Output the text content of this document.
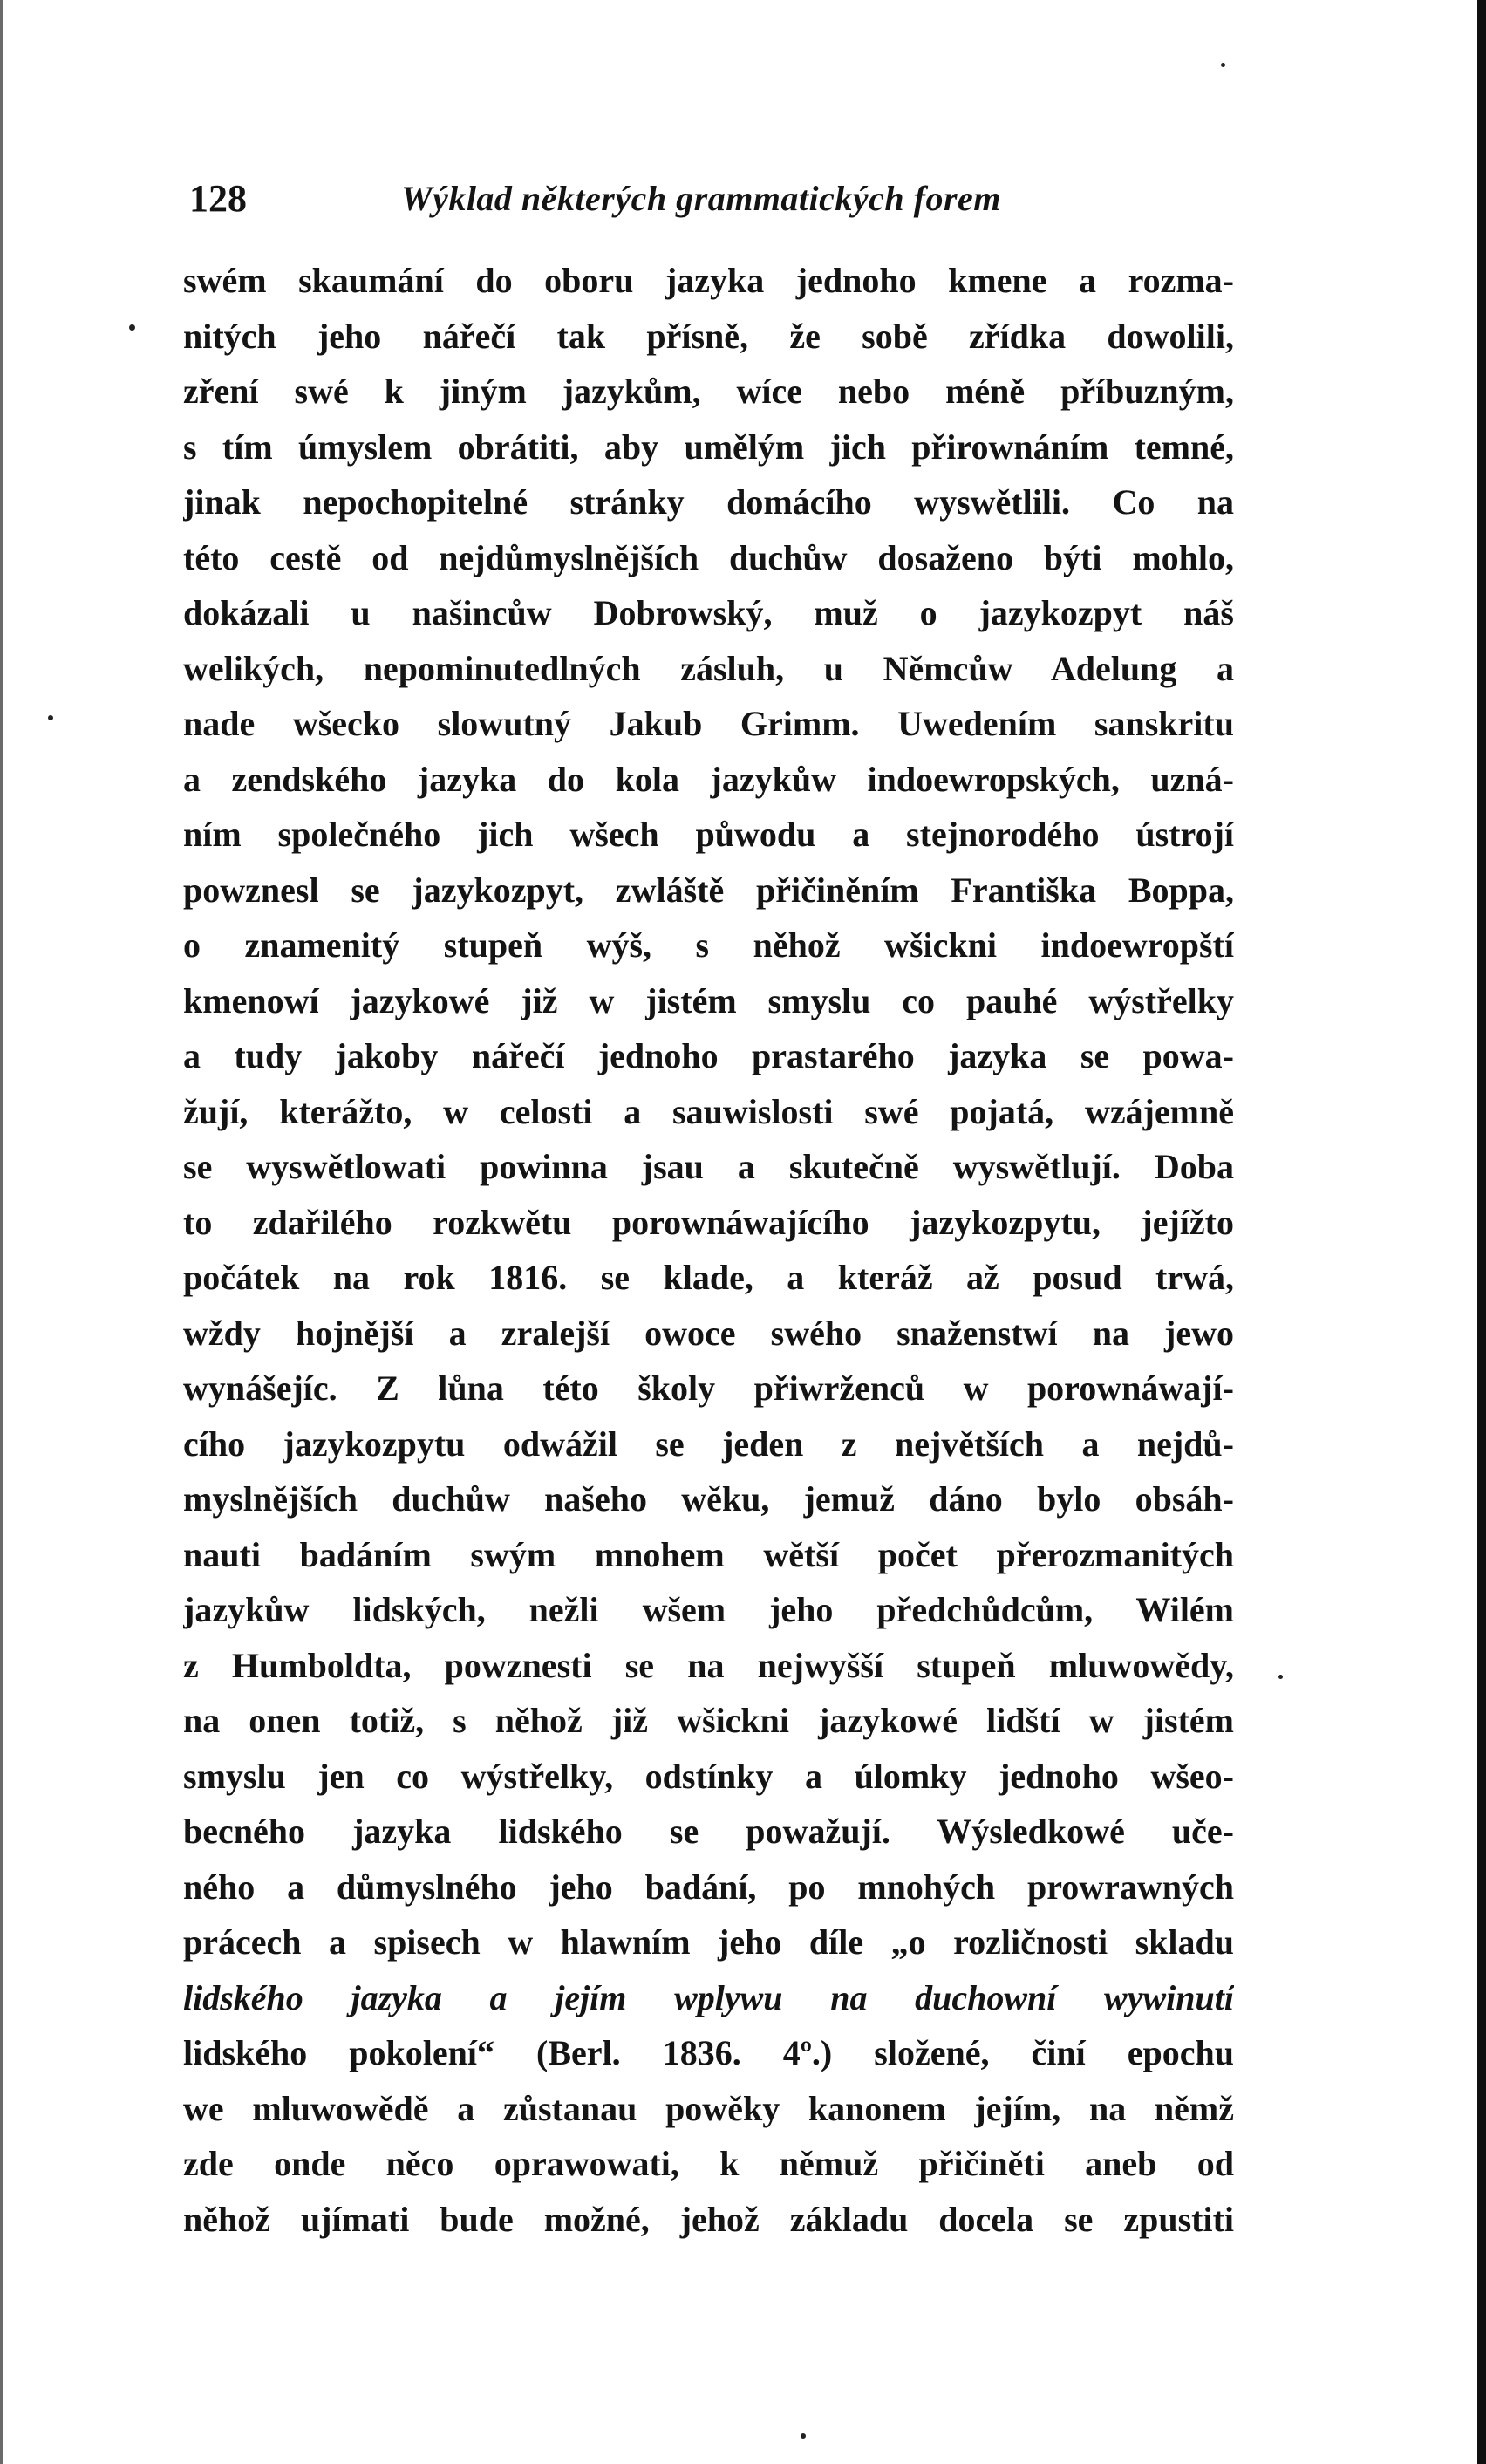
128	Wýklad některých grammatických forem
swém skaumání do oboru jazyka jednoho kmene a rozma-
nitých jeho nářečí tak přísně, že sobě zřídka dowolili,
zření swé k jiným jazykům, wíce nebo méně příbuzným,
s tím úmyslem obrátiti, aby umělým jich přirownáním temné,
jinak nepochopitelné stránky domácího wyswětlili. Co na
této cestě od nejdůmyslnějších duchůw dosaženo býti mohlo,
dokázali u našincůw Dobrowský, muž o jazykozpyt náš
welikých, nepominutedlných zásluh, u Němcůw Adelung a
nade wšecko slowutný Jakub Grimm. Uwedením sanskritu
a zendského jazyka do kola jazykůw indoewropských, uzná-
ním společného jich wšech půwodu a stejnorodého ústrojí
powznesl se jazykozpyt, zwláště přičiněním Františka Boppa,
o znamenitý stupeň wýš, s něhož wšickni indoewropští
kmenowí jazykowé již w jistém smyslu co pauhé wýstřelky
a tudy jakoby nářečí jednoho prastarého jazyka se powa-
žují, kterážto, w celosti a sauwislosti swé pojatá, wzájemně
se wyswětlowati powinna jsau a skutečně wyswětlují. Doba
to zdařilého rozkwětu porownáwajícího jazykozpytu, jejížto
počátek na rok 1816. se klade, a kteráž až posud trwá,
wždy hojnější a zralejší owoce swého snaženstwí na jewo
wynášejíc. Z lůna této školy přiwrženců w porownáwají-
cího jazykozpytu odwážil se jeden z největších a nejdů-
myslnějších duchůw našeho wěku, jemuž dáno bylo obsáh-
nauti badáním swým mnohem wětší počet přerozmanitých
jazykůw lidských, nežli wšem jeho předchůdcům, Wilém
z Humboldta, powznesti se na nejwyšší stupeň mluwowědy,
na onen totiž, s něhož již wšickni jazykowé lidští w jistém
smyslu jen co wýstřelky, odstínky a úlomky jednoho wšeo-
becného jazyka lidského se powažují. Wýsledkowé uče-
ného a důmyslného jeho badání, po mnohých prowrawných
prácech a spisech w hlawním jeho díle „o rozličnosti skladu
lidského jazyka a jejím wplywu na duchowní wywinutí
lidského pokolení“ (Berl. 1836. 4º.) složené, činí epochu
we mluwowědě a zůstanau powěky kanonem jejím, na němž
zde onde něco oprawowati, k němuž přičiněti aneb od
něhož ujímati bude možné, jehož základu docela se zpustiti
